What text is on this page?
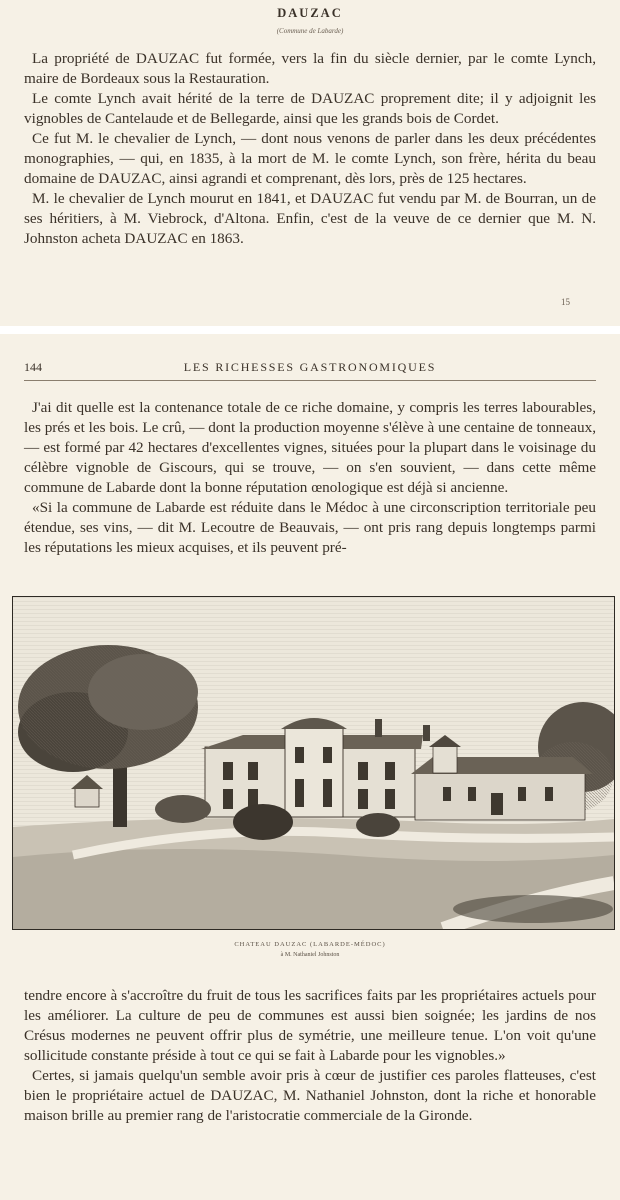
DAUZAC
(Commune de Labarde)

La propriété de DAUZAC fut formée, vers la fin du siècle dernier, par le comte Lynch, maire de Bordeaux sous la Restauration.

Le comte Lynch avait hérité de la terre de DAUZAC proprement dite; il y adjoignit les vignobles de Cantelaude et de Bellegarde, ainsi que les grands bois de Cordet.

Ce fut M. le chevalier de Lynch, — dont nous venons de parler dans les deux précédentes monographies, — qui, en 1835, à la mort de M. le comte Lynch, son frère, hérita du beau domaine de DAUZAC, ainsi agrandi et comprenant, dès lors, près de 125 hectares.

M. le chevalier de Lynch mourut en 1841, et DAUZAC fut vendu par M. de Bourran, un de ses héritiers, à M. Viebrock, d'Altona. Enfin, c'est de la veuve de ce dernier que M. N. Johnston acheta DAUZAC en 1863.

15
144	LES RICHESSES GASTRONOMIQUES

J'ai dit quelle est la contenance totale de ce riche domaine, y compris les terres labourables, les prés et les bois. Le crû, — dont la production moyenne s'élève à une centaine de tonneaux, — est formé par 42 hectares d'excellentes vignes, situées pour la plupart dans le voisinage du célèbre vignoble de Giscours, qui se trouve, — on s'en souvient, — dans cette même commune de Labarde dont la bonne réputation œnologique est déjà si ancienne.

«Si la commune de Labarde est réduite dans le Médoc à une circonscription territoriale peu étendue, ses vins, — dit M. Lecoutre de Beauvais, — ont pris rang depuis longtemps parmi les réputations les mieux acquises, et ils peuvent pré-

CHATEAU DAUZAC (LABARDE-MÉDOC)
à M. Nathaniel Johnston

tendre encore à s'accroître du fruit de tous les sacrifices faits par les propriétaires actuels pour les améliorer. La culture de peu de communes est aussi bien soignée; les jardins de nos Crésus modernes ne peuvent offrir plus de symétrie, une meilleure tenue. L'on voit qu'une sollicitude constante préside à tout ce qui se fait à Labarde pour les vignobles.»

Certes, si jamais quelqu'un semble avoir pris à cœur de justifier ces paroles flatteuses, c'est bien le propriétaire actuel de DAUZAC, M. Nathaniel Johnston, dont la riche et honorable maison brille au premier rang de l'aristocratie commerciale de la Gironde.
